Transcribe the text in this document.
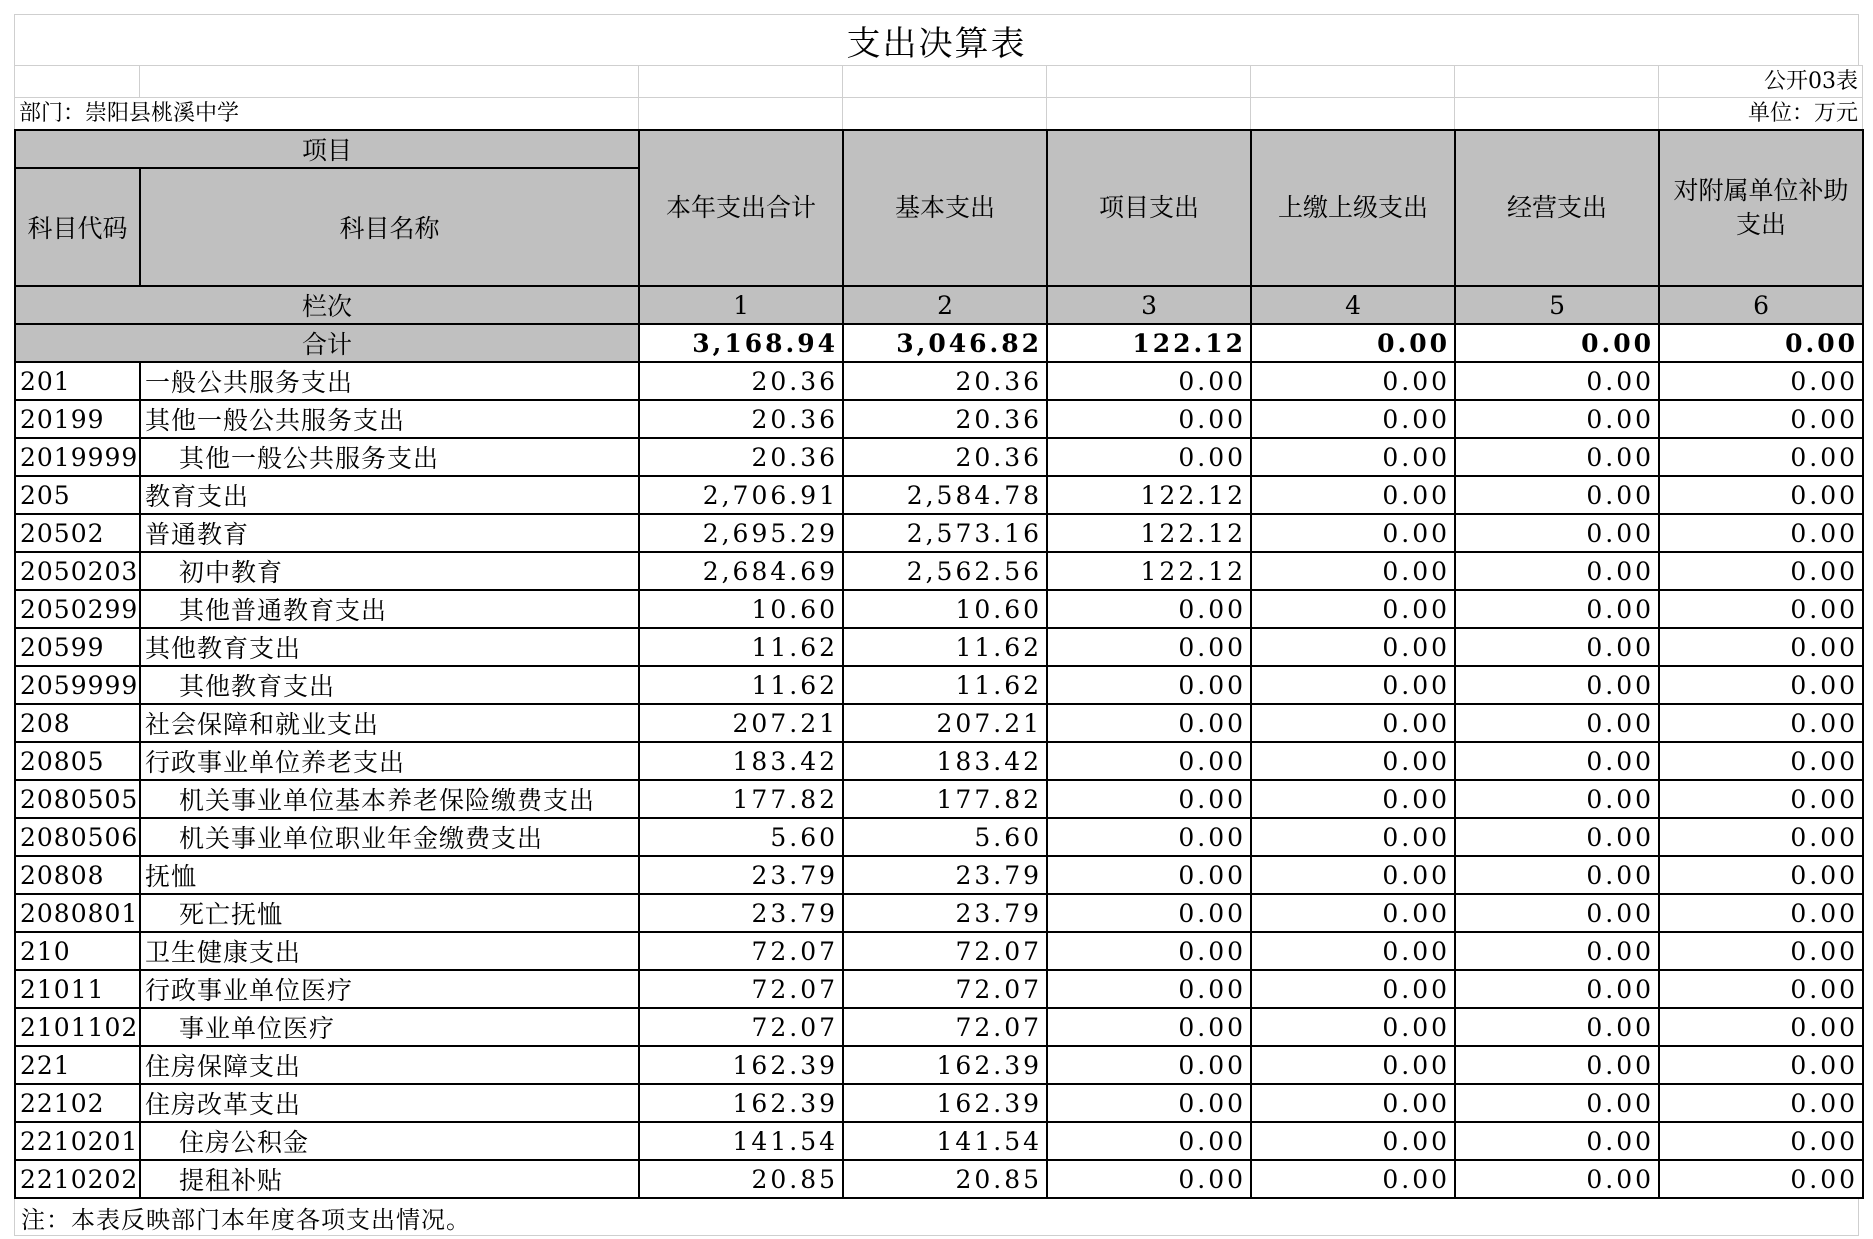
支出决算表
公开03表
部门：崇阳县桃溪中学	单位：万元
项目		本年支出合计	基本支出	项目支出	上缴上级支出	经营支出	对附属单位补助支出
科目代码	科目名称						
栏次		1	2	3	4	5	6
合计		3,168.94	3,046.82	122.12	0.00	0.00	0.00
201	一般公共服务支出	20.36	20.36	0.00	0.00	0.00	0.00
20199	其他一般公共服务支出	20.36	20.36	0.00	0.00	0.00	0.00
2019999	其他一般公共服务支出	20.36	20.36	0.00	0.00	0.00	0.00
205	教育支出	2,706.91	2,584.78	122.12	0.00	0.00	0.00
20502	普通教育	2,695.29	2,573.16	122.12	0.00	0.00	0.00
2050203	初中教育	2,684.69	2,562.56	122.12	0.00	0.00	0.00
2050299	其他普通教育支出	10.60	10.60	0.00	0.00	0.00	0.00
20599	其他教育支出	11.62	11.62	0.00	0.00	0.00	0.00
2059999	其他教育支出	11.62	11.62	0.00	0.00	0.00	0.00
208	社会保障和就业支出	207.21	207.21	0.00	0.00	0.00	0.00
20805	行政事业单位养老支出	183.42	183.42	0.00	0.00	0.00	0.00
2080505	机关事业单位基本养老保险缴费支出	177.82	177.82	0.00	0.00	0.00	0.00
2080506	机关事业单位职业年金缴费支出	5.60	5.60	0.00	0.00	0.00	0.00
20808	抚恤	23.79	23.79	0.00	0.00	0.00	0.00
2080801	死亡抚恤	23.79	23.79	0.00	0.00	0.00	0.00
210	卫生健康支出	72.07	72.07	0.00	0.00	0.00	0.00
21011	行政事业单位医疗	72.07	72.07	0.00	0.00	0.00	0.00
2101102	事业单位医疗	72.07	72.07	0.00	0.00	0.00	0.00
221	住房保障支出	162.39	162.39	0.00	0.00	0.00	0.00
22102	住房改革支出	162.39	162.39	0.00	0.00	0.00	0.00
2210201	住房公积金	141.54	141.54	0.00	0.00	0.00	0.00
2210202	提租补贴	20.85	20.85	0.00	0.00	0.00	0.00
注：本表反映部门本年度各项支出情况。
